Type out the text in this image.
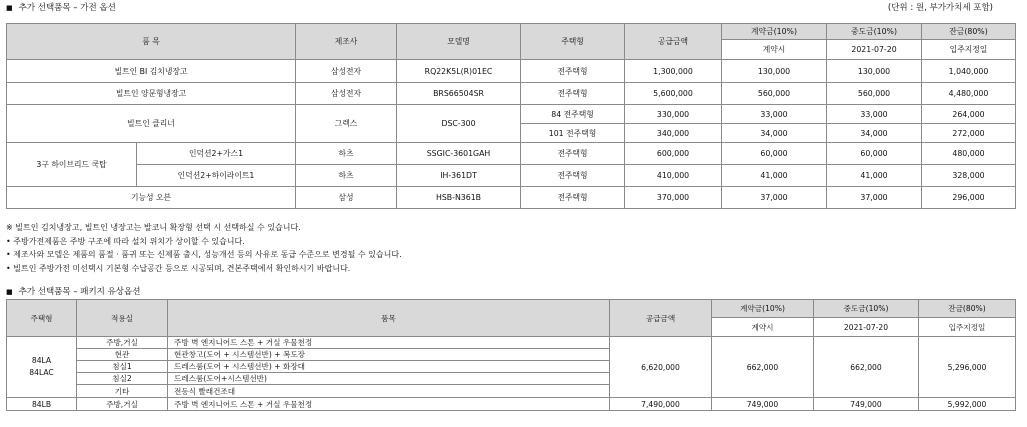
■ 추가 선택품목 – 가전 옵션	(단위 : 원, 부가가치세 포함)
품 목		제조사	모델명	주택형	공급금액	계약금(10%)	중도금(10%)	잔금(80%)
						계약시	2021-07-20	입주지정일
빌트인 BI 김치냉장고		삼성전자	RQ22K5L(R)01EC	전주택형	1,300,000	130,000	130,000	1,040,000
빌트인 양문형냉장고		삼성전자	BRS66504SR	전주택형	5,600,000	560,000	560,000	4,480,000
빌트인 클리너		그렉스	DSC-300	84 전주택형	330,000	33,000	33,000	264,000
				101 전주택형	340,000	34,000	34,000	272,000
3구 하이브리드 쿡탑	인덕션2+가스1	하츠	SSGIC-3601GAH	전주택형	600,000	60,000	60,000	480,000
	인덕션2+하이라이트1	하츠	IH-361DT	전주택형	410,000	41,000	41,000	328,000
기능성 오븐		삼성	HSB-N361B	전주택형	370,000	37,000	37,000	296,000
※ 빌트인 김치냉장고, 빌트인 냉장고는 발코니 확장형 선택 시 선택하실 수 있습니다.
• 주방가전제품은 주방 구조에 따라 설치 위치가 상이할 수 있습니다.
• 제조사와 모델은 제품의 품절 · 품귀 또는 신제품 출시, 성능개선 등의 사유로 동급 수준으로 변경될 수 있습니다.
• 빌트인 주방가전 미선택시 기본형 수납공간 등으로 시공되며, 견본주택에서 확인하시기 바랍니다.
■ 추가 선택품목 – 패키지 유상옵션
주택형	적용실	품목	공급금액	계약금(10%)	중도금(10%)	잔금(80%)
				계약시	2021-07-20	입주지정일
84LA
84LAC	주방,거실	주방 벽 엔지니어드 스톤 + 거실 우물천정	6,620,000	662,000	662,000	5,296,000
	현관	현관창고(도어 + 시스템선반) + 복도장				
	침실1	드레스룸(도어 + 시스템선반) + 화장대				
	침실2	드레스룸(도어+시스템선반)				
	기타	전동식 빨래건조대				
84LB	주방,거실	주방 벽 엔지니어드 스톤 + 거실 우물천정	7,490,000	749,000	749,000	5,992,000
